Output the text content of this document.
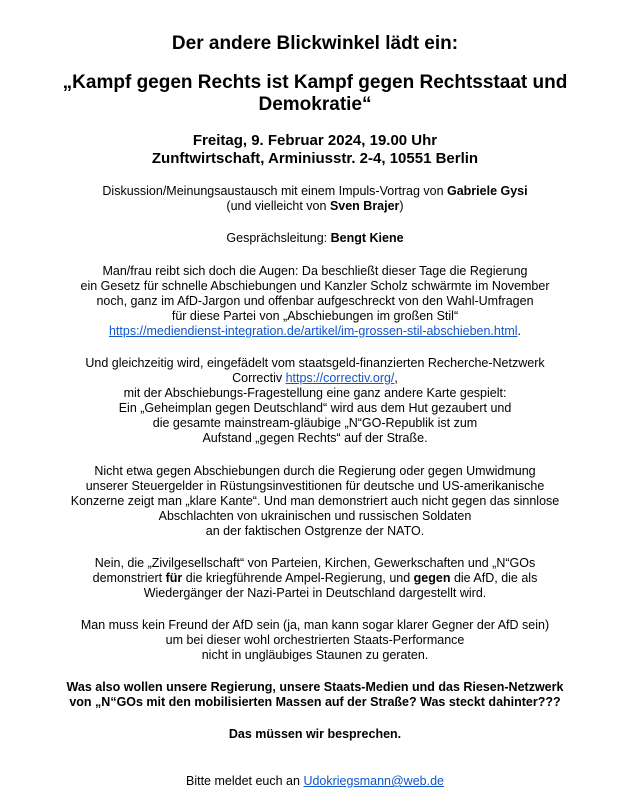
Der andere Blickwinkel lädt ein:
„Kampf gegen Rechts ist Kampf gegen Rechtsstaat und
Demokratie“
Freitag, 9. Februar 2024, 19.00 Uhr
Zunftwirtschaft, Arminiusstr. 2-4, 10551 Berlin

Diskussion/Meinungsaustausch mit einem Impuls-Vortrag von Gabriele Gysi

(und vielleicht von Sven Brajer)

Gesprächsleitung: Bengt Kiene

Man/frau reibt sich doch die Augen: Da beschließt dieser Tage die Regierung

ein Gesetz für schnelle Abschiebungen und Kanzler Scholz schwärmte im November

noch, ganz im AfD-Jargon und offenbar aufgeschreckt von den Wahl-Umfragen

für diese Partei von „Abschiebungen im großen Stil“

https://mediendienst-integration.de/artikel/im-grossen-stil-abschieben.html.

Und gleichzeitig wird, eingefädelt vom staatsgeld-finanzierten Recherche-Netzwerk

Correctiv https://correctiv.org/,

mit der Abschiebungs-Fragestellung eine ganz andere Karte gespielt:

Ein „Geheimplan gegen Deutschland“ wird aus dem Hut gezaubert und

die gesamte mainstream-gläubige „N“GO-Republik ist zum

Aufstand „gegen Rechts“ auf der Straße.

Nicht etwa gegen Abschiebungen durch die Regierung oder gegen Umwidmung

unserer Steuergelder in Rüstungsinvestitionen für deutsche und US-amerikanische

Konzerne zeigt man „klare Kante“. Und man demonstriert auch nicht gegen das sinnlose

Abschlachten von ukrainischen und russischen Soldaten

an der faktischen Ostgrenze der NATO.

Nein, die „Zivilgesellschaft“ von Parteien, Kirchen, Gewerkschaften und „N“GOs

demonstriert für die kriegführende Ampel-Regierung, und gegen die AfD, die als

Wiedergänger der Nazi-Partei in Deutschland dargestellt wird.

Man muss kein Freund der AfD sein (ja, man kann sogar klarer Gegner der AfD sein)

um bei dieser wohl orchestrierten Staats-Performance

nicht in ungläubiges Staunen zu geraten.

Was also wollen unsere Regierung, unsere Staats-Medien und das Riesen-Netzwerk

von „N“GOs mit den mobilisierten Massen auf der Straße? Was steckt dahinter???

Das müssen wir besprechen.

Bitte meldet euch an Udokriegsmann@web.de
